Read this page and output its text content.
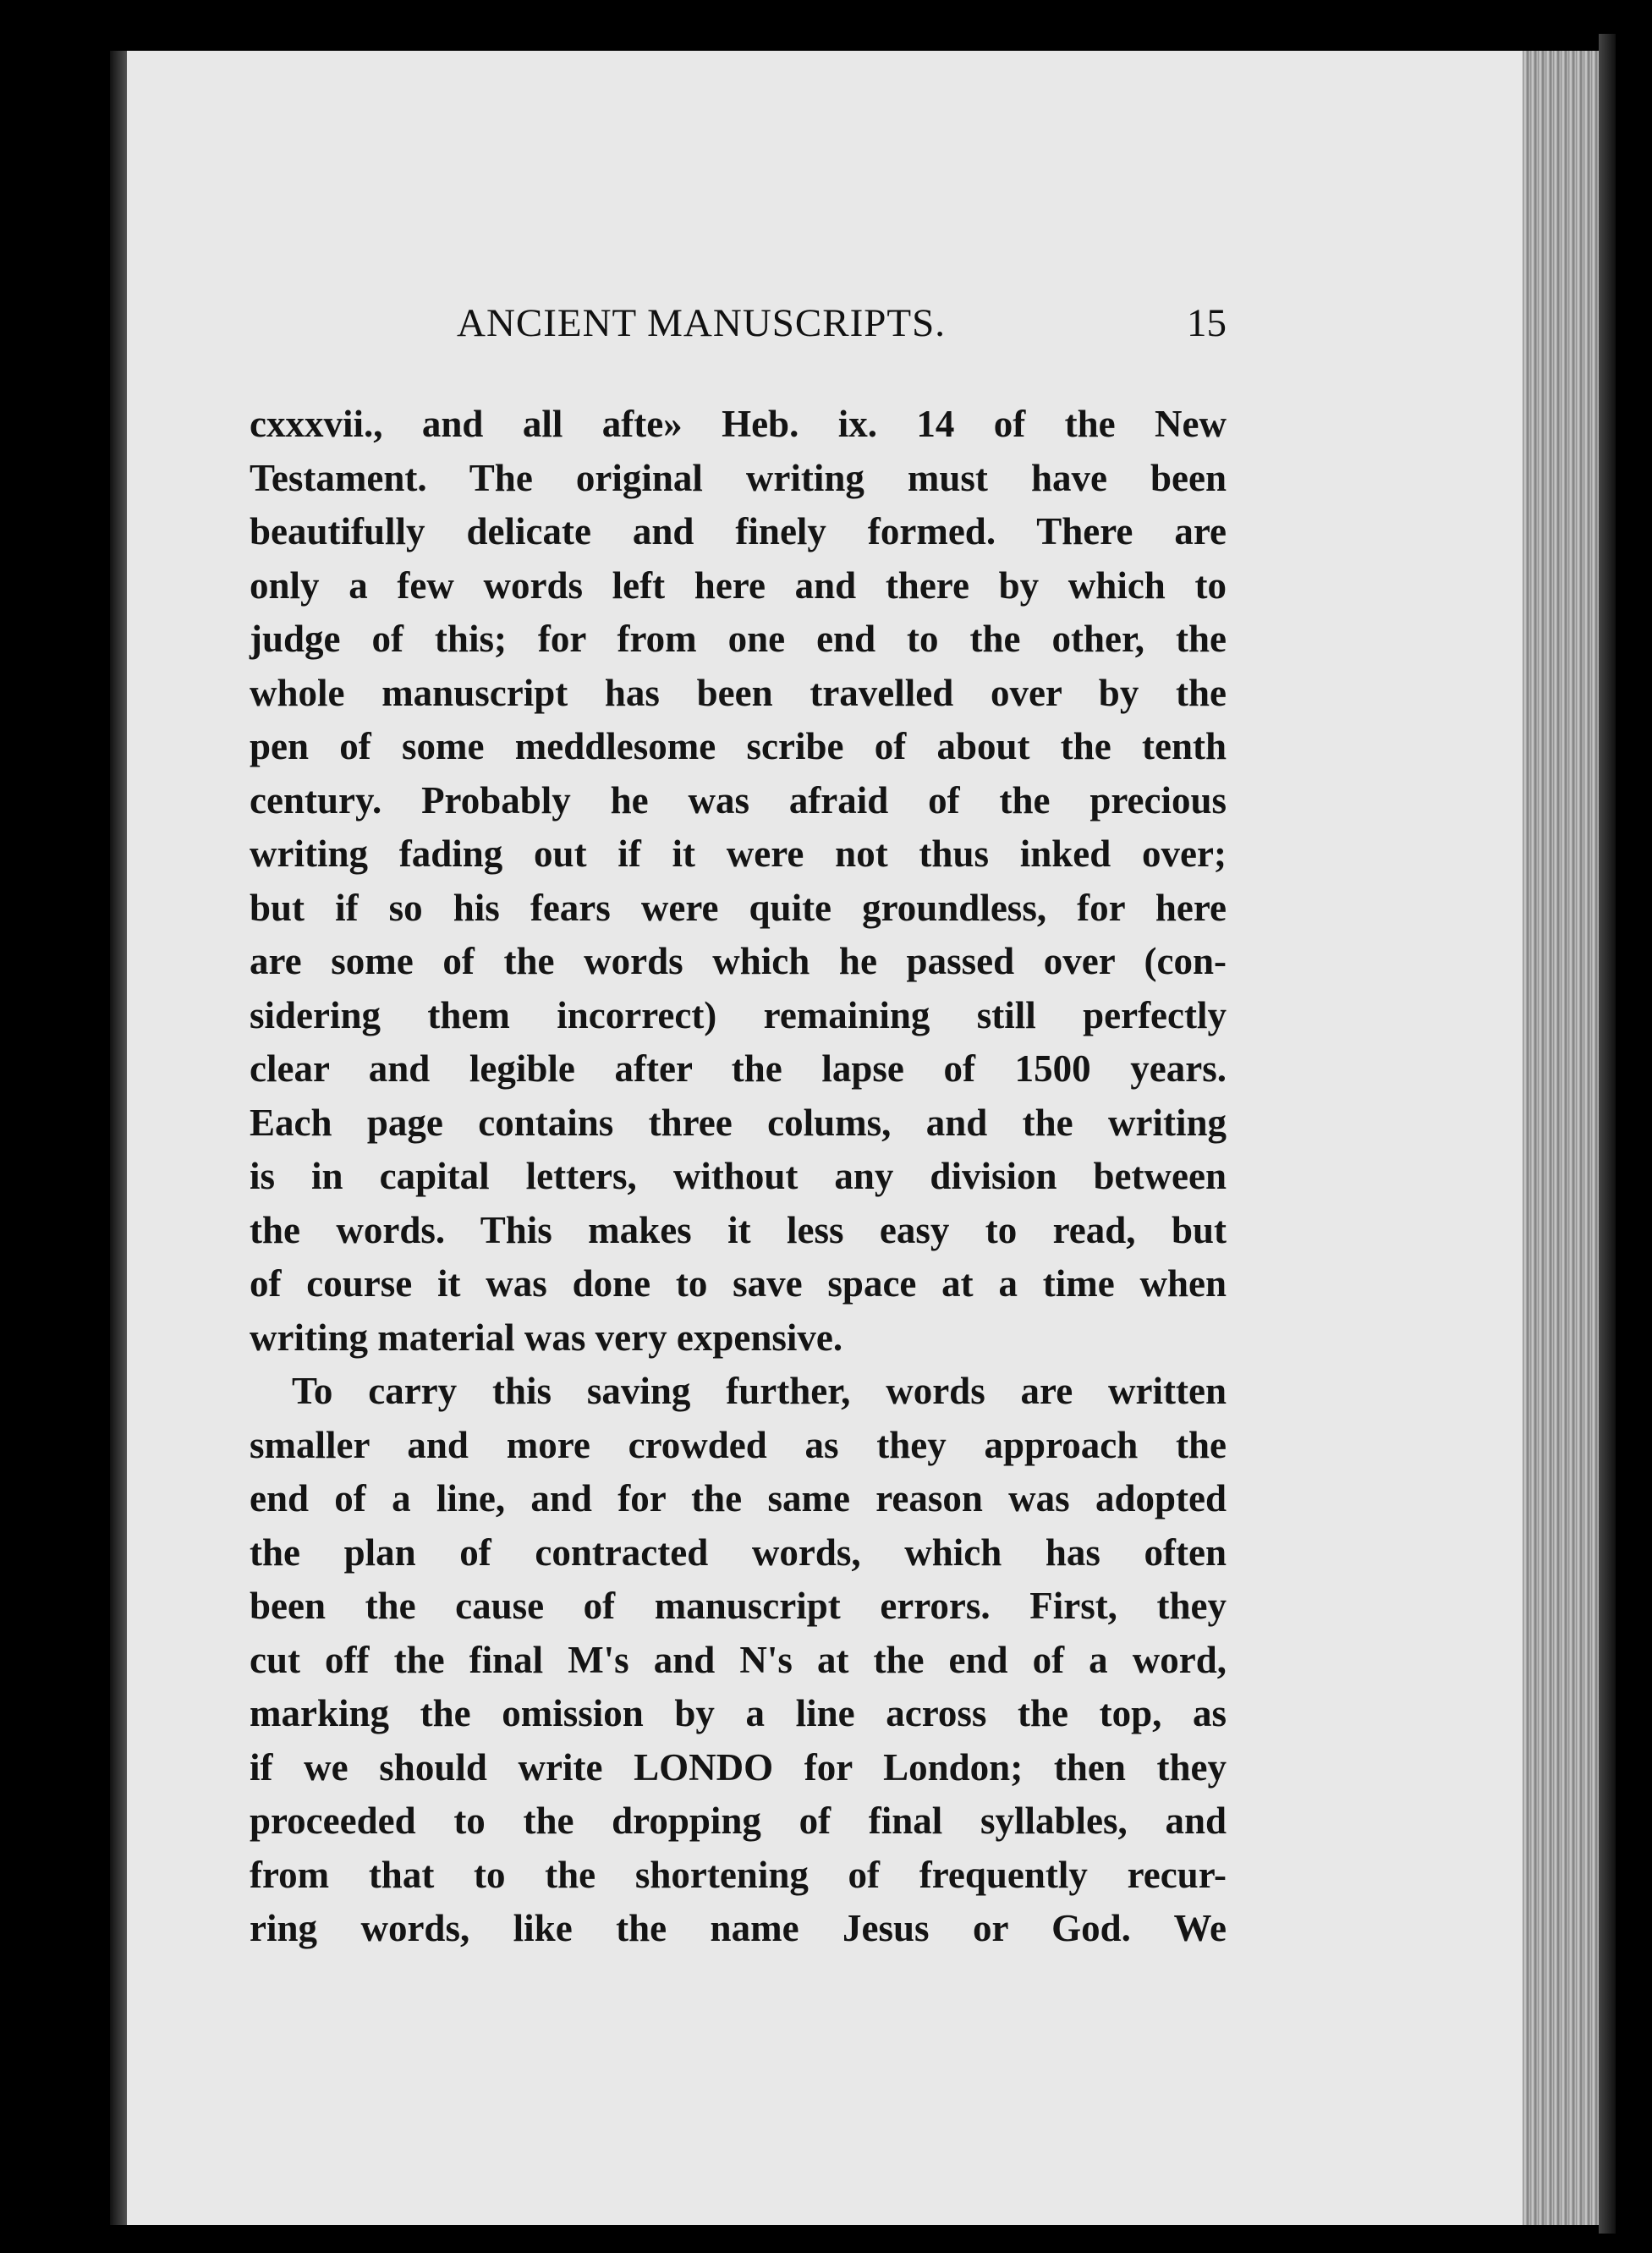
ANCIENT MANUSCRIPTS.	15
cxxxvii., and all afte» Heb. ix. 14 of the New
Testament. The original writing must have been
beautifully delicate and finely formed. There are
only a few words left here and there by which to
judge of this; for from one end to the other, the
whole manuscript has been travelled over by the
pen of some meddlesome scribe of about the tenth
century. Probably he was afraid of the precious
writing fading out if it were not thus inked over;
but if so his fears were quite groundless, for here
are some of the words which he passed over (con-
sidering them incorrect) remaining still perfectly
clear and legible after the lapse of 1500 years.
Each page contains three colums, and the writing
is in capital letters, without any division between
the words. This makes it less easy to read, but
of course it was done to save space at a time when
writing material was very expensive.
To carry this saving further, words are written
smaller and more crowded as they approach the
end of a line, and for the same reason was adopted
the plan of contracted words, which has often
been the cause of manuscript errors. First, they
cut off the final M's and N's at the end of a word,
marking the omission by a line across the top, as
if we should write LONDO for London; then they
proceeded to the dropping of final syllables, and
from that to the shortening of frequently recur-
ring words, like the name Jesus or God. We
